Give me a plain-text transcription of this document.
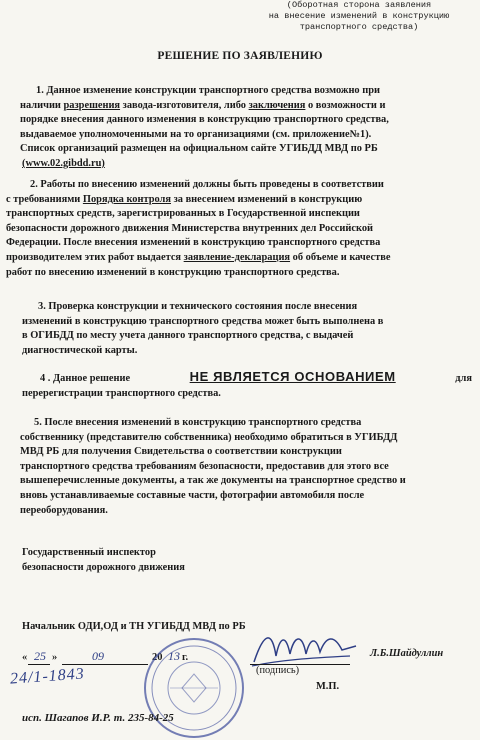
(Оборотная сторона заявления
на внесение изменений в конструкцию
транспортного средства)
РЕШЕНИЕ ПО ЗАЯВЛЕНИЮ

1. Данное изменение конструкции транспортного средства возможно при

наличии разрешения завода-изготовителя, либо заключения о возможности и

порядке внесения данного изменения в конструкцию транспортного средства,

выдаваемое уполномоченными на то организациями (см. приложение№1).

Список организаций размещен на официальном сайте УГИБДД МВД по РБ

(www.02.gibdd.ru)

2. Работы по внесению изменений должны быть проведены в соответствии

с требованиями Порядка контроля за внесением изменений в конструкцию

транспортных средств, зарегистрированных в Государственной инспекции

безопасности дорожного движения Министерства внутренних дел Российской

Федерации. После внесения изменений в конструкцию транспортного средства

производителем этих работ выдается заявление-декларация об объеме и качестве

работ по внесению изменений в конструкцию транспортного средства.

3. Проверка конструкции и технического состояния после внесения

изменений в конструкцию транспортного средства может быть выполнена в

в ОГИБДД по месту учета данного транспортного средства, с выдачей

диагностической карты.

4 . Данное решение	НЕ ЯВЛЯЕТСЯ ОСНОВАНИЕМ	для

перерегистрации транспортного средства.

5. После внесения изменений в конструкцию транспортного средства

собственнику (представителю собственника) необходимо обратиться в УГИБДД

МВД РБ для получения Свидетельства о соответствии конструкции

транспортного средства требованиям безопасности, предоставив для этого все

вышеперечисленные документы, а так же документы на транспортное средство и

вновь устанавливаемые составные части, фотографии автомобиля после

переоборудования.

Государственный инспектор
безопасности дорожного движения
Начальник ОДИ,ОД и ТН УГИБДД МВД по РБ
« 25 »	09	20 13 г.
(подпись)
Л.Б.Шайдуллин
М.П.
24/1-1843
исп. Шагапов И.Р. т. 235-84-25
